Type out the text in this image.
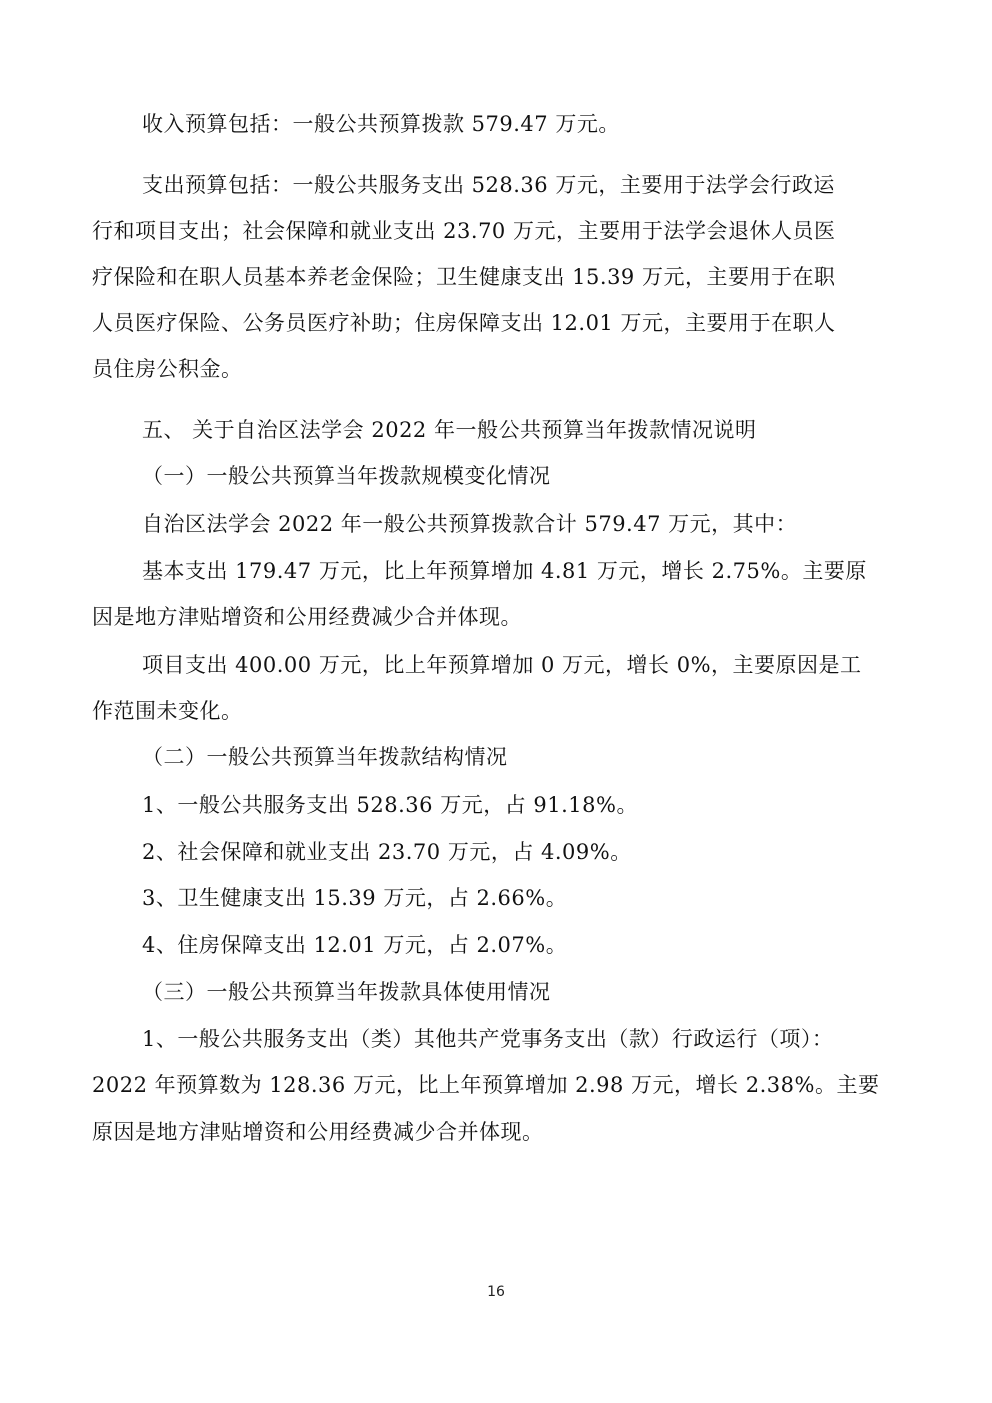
收入预算包括：一般公共预算拨款 579.47 万元。
支出预算包括：一般公共服务支出 528.36 万元，主要用于法学会行政运
行和项目支出；社会保障和就业支出 23.70 万元，主要用于法学会退休人员医
疗保险和在职人员基本养老金保险；卫生健康支出 15.39 万元，主要用于在职
人员医疗保险、公务员医疗补助；住房保障支出 12.01 万元，主要用于在职人
员住房公积金。
五、 关于自治区法学会 2022 年一般公共预算当年拨款情况说明
（一）一般公共预算当年拨款规模变化情况
自治区法学会 2022 年一般公共预算拨款合计 579.47 万元，其中：
基本支出 179.47 万元，比上年预算增加 4.81 万元，增长 2.75%。主要原
因是地方津贴增资和公用经费减少合并体现。
项目支出 400.00 万元，比上年预算增加 0 万元，增长 0%，主要原因是工
作范围未变化。
（二）一般公共预算当年拨款结构情况
1、一般公共服务支出 528.36 万元，占 91.18%。
2、社会保障和就业支出 23.70 万元，占 4.09%。
3、卫生健康支出 15.39 万元，占 2.66%。
4、住房保障支出 12.01 万元，占 2.07%。
（三）一般公共预算当年拨款具体使用情况
1、一般公共服务支出（类）其他共产党事务支出（款）行政运行（项）：
2022 年预算数为 128.36 万元，比上年预算增加 2.98 万元，增长 2.38%。主要
原因是地方津贴增资和公用经费减少合并体现。
16
